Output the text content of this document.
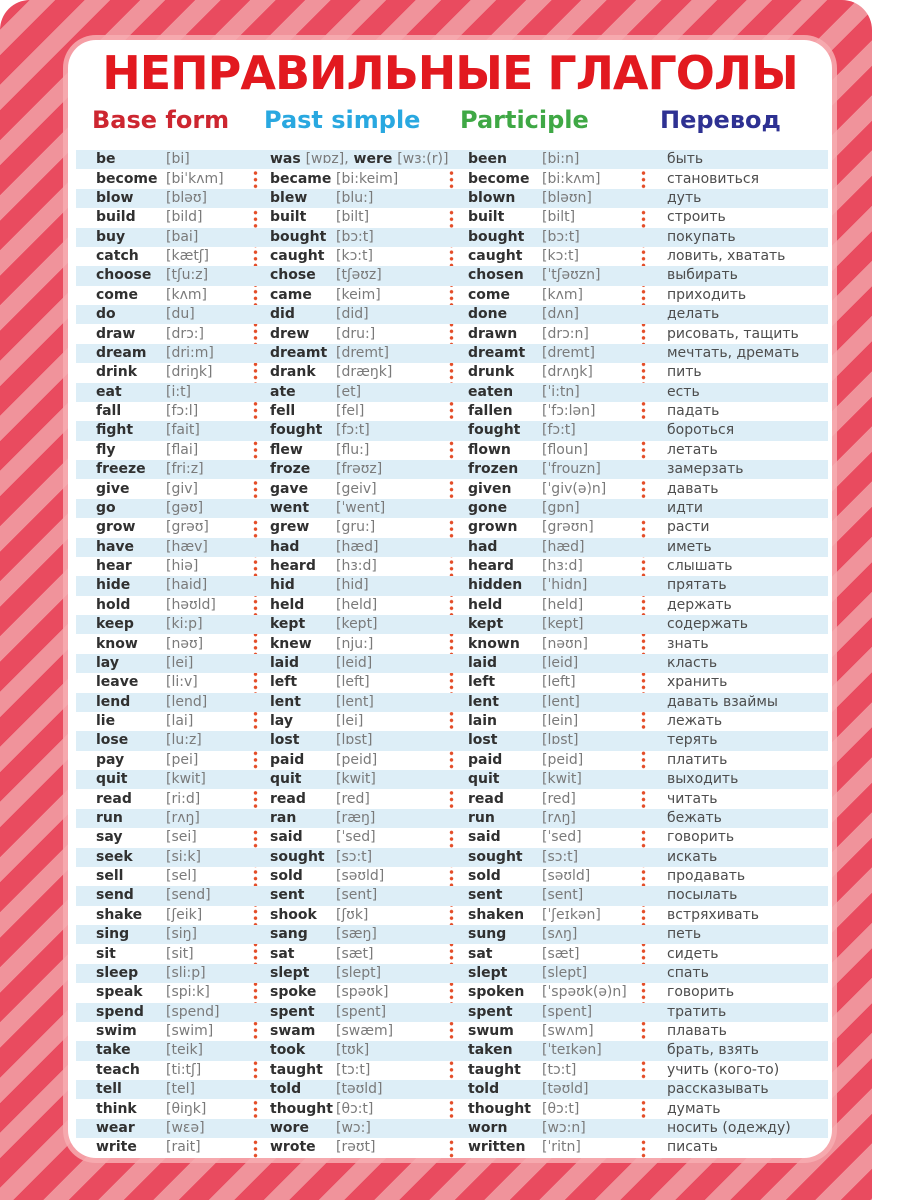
НЕПРАВИЛЬНЫЕ ГЛАГОЛЫ
Base form Past simple Participle	Перевод
be	[bi]	was [wɒz], were [wɜ:(r)]	been	[bi:n]	быть
become [biˈkʌm]	became [bi:keim]	become [bi:kʌm]	становиться
blow [bləʊ]	blew [blu:]	blown [bləʊn]	дуть
build [bild]	built [bilt]	built	[bilt]	строить
buy	[bai]	bought [bɔ:t]	bought [bɔ:t]	покупать
catch [kætʃ]	caught [kɔ:t]	caught [kɔ:t]	ловить, хватать
choose [tʃu:z]	chose [tʃəʊz]	chosen [ˈtʃəʊzn]	выбирать
come [kʌm]	came [keim]	come [kʌm]	приходить
do	[du]	did	[did]	done [dʌn]	делать
draw [drɔ:]	drew [dru:]	drawn [drɔ:n]	рисовать, тащить
dream [dri:m]	dreamt [dremt]	dreamt [dremt]	мечтать, дремать
drink [driŋk]	drank [dræŋk]	drunk [drʌŋk]	пить
eat	[i:t]	ate	[et]	eaten [ˈi:tn]	есть
fall	[fɔ:l]	fell	[fel]	fallen [ˈfɔ:lən]	падать
fight [fait]	fought [fɔ:t]	fought [fɔ:t]	бороться
fly	[flai]	flew [flu:]	flown [floun]	летать
freeze [fri:z]	froze [frəʊz]	frozen [ˈfrouzn]	замерзать
give	[giv]	gave [geiv]	given [ˈgiv(ə)n]	давать
go	[gəʊ]	went [ˈwent]	gone [gɒn]	идти
grow [grəʊ]	grew [gru:]	grown [grəʊn]	расти
have [hæv]	had	[hæd]	had	[hæd]	иметь
hear [hiə]	heard [hɜ:d]	heard [hɜ:d]	слышать
hide	[haid]	hid	[hid]	hidden [ˈhidn]	прятать
hold	[həʊld]	held [held]	held	[held]	держать
keep [ki:p]	kept [kept]	kept	[kept]	содержать
know [nəʊ]	knew [nju:]	known [nəʊn]	знать
lay	[lei]	laid	[leid]	laid	[leid]	класть
leave [li:v]	left	[left]	left	[left]	хранить
lend	[lend]	lent	[lent]	lent	[lent]	давать взаймы
lie	[lai]	lay	[lei]	lain	[lein]	лежать
lose	[lu:z]	lost	[lɒst]	lost	[lɒst]	терять
pay	[pei]	paid [peid]	paid	[peid]	платить
quit	[kwit]	quit [kwit]	quit	[kwit]	выходить
read [ri:d]	read [red]	read	[red]	читать
run	[rʌŋ]	ran	[ræŋ]	run	[rʌŋ]	бежать
say	[sei]	said [ˈsed]	said	[ˈsed]	говорить
seek [si:k]	sought [sɔ:t]	sought [sɔ:t]	искать
sell	[sel]	sold [səʊld]	sold	[səʊld]	продавать
send [send]	sent [sent]	sent	[sent]	посылать
shake [ʃeik]	shook [ʃʊk]	shaken [ˈʃeɪkən]	встряхивать
sing	[siŋ]	sang [sæŋ]	sung	[sʌŋ]	петь
sit	[sit]	sat	[sæt]	sat	[sæt]	сидеть
sleep [sli:p]	slept [slept]	slept [slept]	спать
speak [spi:k]	spoke [spəʊk]	spoken [ˈspəʊk(ə)n]	говорить
spend [spend]	spent [spent]	spent [spent]	тратить
swim [swim]	swam [swæm]	swum [swʌm]	плавать
take	[teik]	took [tʊk]	taken [ˈteɪkən]	брать, взять
teach [ti:tʃ]	taught [tɔ:t]	taught [tɔ:t]	учить (кого-то)
tell	[tel]	told [təʊld]	told	[təʊld]	рассказывать
think [θiŋk]	thought [θɔ:t]	thought [θɔ:t]	думать
wear [wɛə]	wore [wɔ:]	worn [wɔ:n]	носить (одежду)
write [rait]	wrote [rəʊt]	written [ˈritn]	писать
